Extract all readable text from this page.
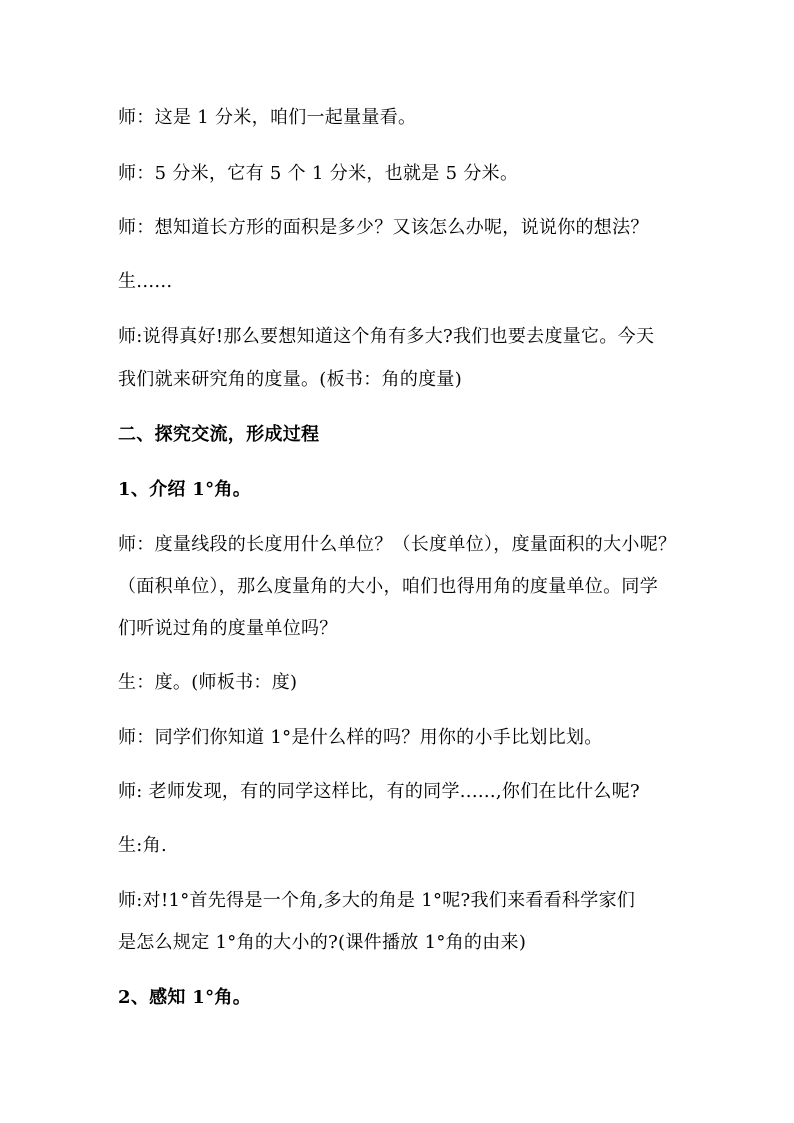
师：这是 1 分米，咱们一起量量看。
师：5 分米，它有 5 个 1 分米，也就是 5 分米。
师：想知道长方形的面积是多少？又该怎么办呢，说说你的想法？
生......
师:说得真好!那么要想知道这个角有多大?我们也要去度量它。今天
我们就来研究角的度量。(板书：角的度量)
二、探究交流，形成过程
1、介绍 1°角。
师：度量线段的长度用什么单位？（长度单位），度量面积的大小呢？
（面积单位），那么度量角的大小，咱们也得用角的度量单位。同学
们听说过角的度量单位吗？
生：度。(师板书：度)
师：同学们你知道 1°是什么样的吗？用你的小手比划比划。
师: 老师发现，有的同学这样比，有的同学......,你们在比什么呢?
生:角.
师:对!1°首先得是一个角,多大的角是 1°呢?我们来看看科学家们
是怎么规定 1°角的大小的?(课件播放 1°角的由来)
2、感知 1°角。
